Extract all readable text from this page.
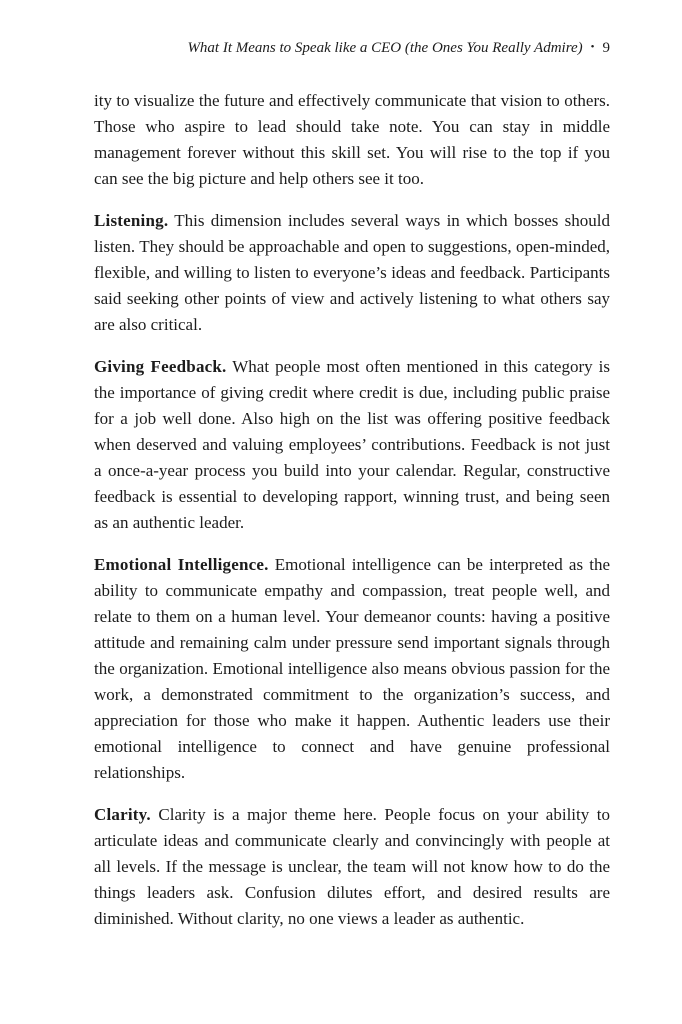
What It Means to Speak like a CEO (the Ones You Really Admire) • 9

ity to visualize the future and effectively communicate that vision to others. Those who aspire to lead should take note. You can stay in middle management forever without this skill set. You will rise to the top if you can see the big picture and help others see it too.

Listening. This dimension includes several ways in which bosses should listen. They should be approachable and open to suggestions, open-minded, flexible, and willing to listen to everyone’s ideas and feedback. Participants said seeking other points of view and actively listening to what others say are also critical.

Giving Feedback. What people most often mentioned in this category is the importance of giving credit where credit is due, including public praise for a job well done. Also high on the list was offering positive feedback when deserved and valuing employees’ contributions. Feedback is not just a once-a-year process you build into your calendar. Regular, constructive feedback is essential to developing rapport, winning trust, and being seen as an authentic leader.

Emotional Intelligence. Emotional intelligence can be interpreted as the ability to communicate empathy and compassion, treat people well, and relate to them on a human level. Your demeanor counts: having a positive attitude and remaining calm under pressure send important signals through the organization. Emotional intelligence also means obvious passion for the work, a demonstrated commitment to the organization’s success, and appreciation for those who make it happen. Authentic leaders use their emotional intelligence to connect and have genuine professional relationships.

Clarity. Clarity is a major theme here. People focus on your ability to articulate ideas and communicate clearly and convincingly with people at all levels. If the message is unclear, the team will not know how to do the things leaders ask. Confusion dilutes effort, and desired results are diminished. Without clarity, no one views a leader as authentic.
